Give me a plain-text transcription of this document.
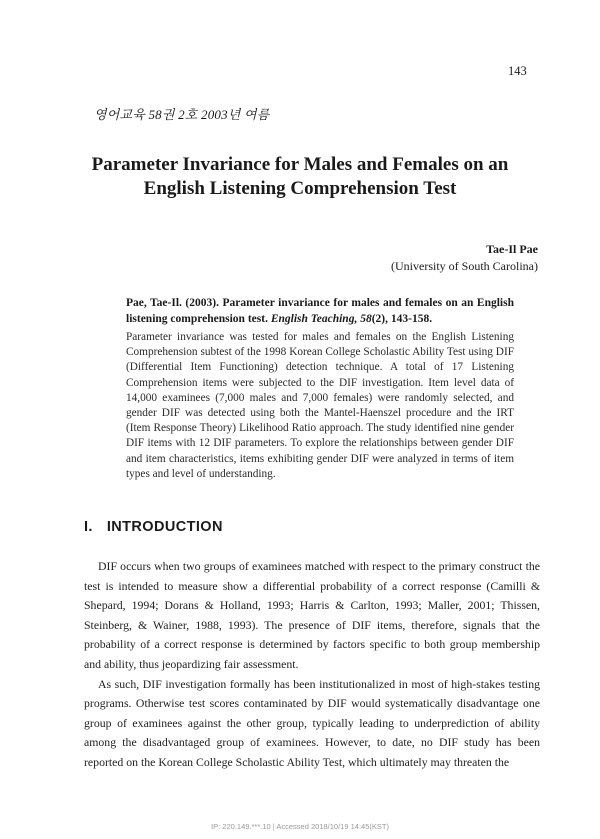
143
영어교육 58권 2호 2003년 여름
Parameter Invariance for Males and Females on an
English Listening Comprehension Test
Tae-Il Pae
(University of South Carolina)
Pae, Tae-Il. (2003). Parameter invariance for males and females on an English listening comprehension test. English Teaching, 58(2), 143-158.
Parameter invariance was tested for males and females on the English Listening Comprehension subtest of the 1998 Korean College Scholastic Ability Test using DIF (Differential Item Functioning) detection technique. A total of 17 Listening Comprehension items were subjected to the DIF investigation. Item level data of 14,000 examinees (7,000 males and 7,000 females) were randomly selected, and gender DIF was detected using both the Mantel-Haenszel procedure and the IRT (Item Response Theory) Likelihood Ratio approach. The study identified nine gender DIF items with 12 DIF parameters. To explore the relationships between gender DIF and item characteristics, items exhibiting gender DIF were analyzed in terms of item types and level of understanding.
I. INTRODUCTION

DIF occurs when two groups of examinees matched with respect to the primary construct the test is intended to measure show a differential probability of a correct response (Camilli & Shepard, 1994; Dorans & Holland, 1993; Harris & Carlton, 1993; Maller, 2001; Thissen, Steinberg, & Wainer, 1988, 1993). The presence of DIF items, therefore, signals that the probability of a correct response is determined by factors specific to both group membership and ability, thus jeopardizing fair assessment.

As such, DIF investigation formally has been institutionalized in most of high-stakes testing programs. Otherwise test scores contaminated by DIF would systematically disadvantage one group of examinees against the other group, typically leading to underprediction of ability among the disadvantaged group of examinees. However, to date, no DIF study has been reported on the Korean College Scholastic Ability Test, which ultimately may threaten the

IP: 220.149.***.10 | Accessed 2018/10/19 14:45(KST)
